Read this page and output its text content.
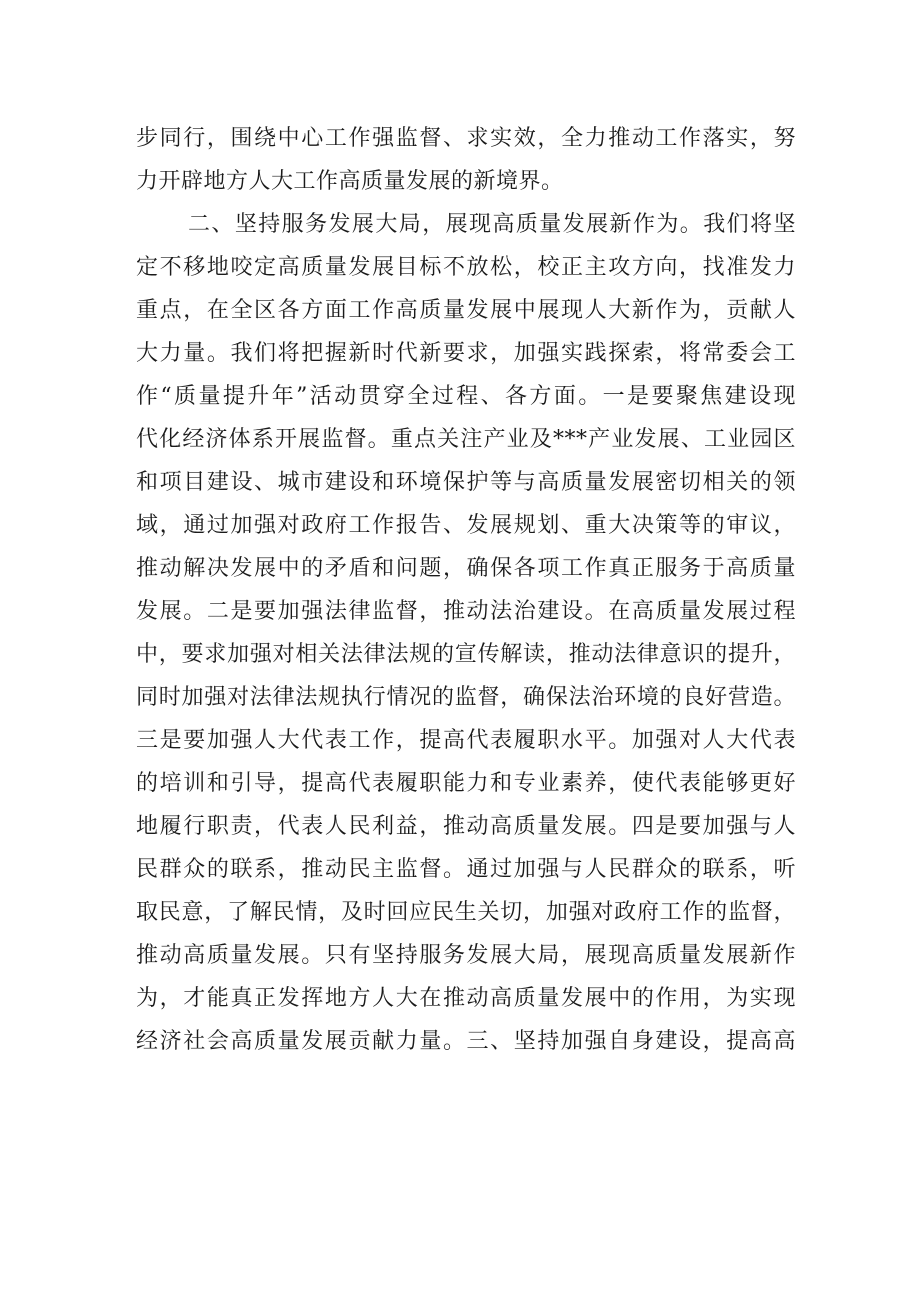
步同行，围绕中心工作强监督、求实效，全力推动工作落实，努
力开辟地方人大工作高质量发展的新境界。
二、坚持服务发展大局，展现高质量发展新作为。我们将坚
定不移地咬定高质量发展目标不放松，校正主攻方向，找准发力
重点，在全区各方面工作高质量发展中展现人大新作为，贡献人
大力量。我们将把握新时代新要求，加强实践探索，将常委会工
作“质量提升年”活动贯穿全过程、各方面。一是要聚焦建设现
代化经济体系开展监督。重点关注产业及***产业发展、工业园区
和项目建设、城市建设和环境保护等与高质量发展密切相关的领
域，通过加强对政府工作报告、发展规划、重大决策等的审议，
推动解决发展中的矛盾和问题，确保各项工作真正服务于高质量
发展。二是要加强法律监督，推动法治建设。在高质量发展过程
中，要求加强对相关法律法规的宣传解读，推动法律意识的提升，
同时加强对法律法规执行情况的监督，确保法治环境的良好营造。
三是要加强人大代表工作，提高代表履职水平。加强对人大代表
的培训和引导，提高代表履职能力和专业素养，使代表能够更好
地履行职责，代表人民利益，推动高质量发展。四是要加强与人
民群众的联系，推动民主监督。通过加强与人民群众的联系，听
取民意，了解民情，及时回应民生关切，加强对政府工作的监督，
推动高质量发展。只有坚持服务发展大局，展现高质量发展新作
为，才能真正发挥地方人大在推动高质量发展中的作用，为实现
经济社会高质量发展贡献力量。三、坚持加强自身建设，提高高
